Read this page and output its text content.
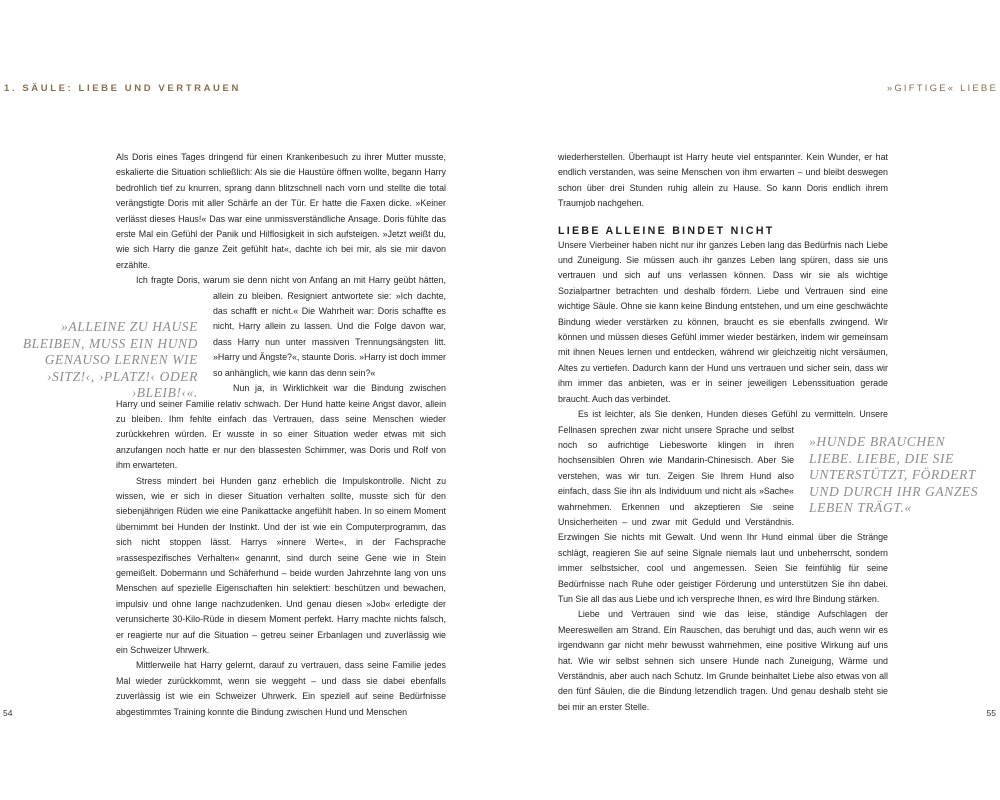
1. SÄULE: LIEBE UND VERTRAUEN	»GIFTIGE« LIEBE
»ALLEINE ZU HAUSE BLEIBEN, MUSS EIN HUND GENAUSO LERNEN WIE ›SITZ!‹, ›PLATZ!‹ ODER ›BLEIB!‹«.
»HUNDE BRAUCHEN LIEBE. LIEBE, DIE SIE UNTERSTÜTZT, FÖRDERT UND DURCH IHR GANZES LEBEN TRÄGT.«

Als Doris eines Tages dringend für einen Krankenbesuch zu ihrer Mutter musste, eskalierte die Situation schließlich: Als sie die Haustüre öffnen wollte, begann Harry bedrohlich tief zu knurren, sprang dann blitzschnell nach vorn und stellte die total verängstigte Doris mit aller Schärfe an der Tür. Er hatte die Faxen dicke. »Keiner verlässt dieses Haus!« Das war eine unmissverständliche Ansage. Doris fühlte das erste Mal ein Gefühl der Panik und Hilflosigkeit in sich aufsteigen. »Jetzt weißt du, wie sich Harry die ganze Zeit gefühlt hat«, dachte ich bei mir, als sie mir davon erzählte.

Ich fragte Doris, warum sie denn nicht von Anfang an mit Harry geübt hätten, allein zu bleiben. Resigniert antwortete sie: »Ich dachte, das schafft er nicht.« Die Wahrheit war: Doris schaffte es nicht, Harry allein zu lassen. Und die Folge davon war, dass Harry nun unter massiven Trennungsängsten litt. »Harry und Ängste?«, staunte Doris. »Harry ist doch immer so anhänglich, wie kann das denn sein?«

Nun ja, in Wirklichkeit war die Bindung zwischen Harry und seiner Familie relativ schwach. Der Hund hatte keine Angst davor, allein zu bleiben. Ihm fehlte einfach das Vertrauen, dass seine Menschen wieder zurückkehren würden. Er wusste in so einer Situation weder etwas mit sich anzufangen noch hatte er nur den blassesten Schimmer, was Doris und Rolf von ihm erwarteten.

Stress mindert bei Hunden ganz erheblich die Impulskontrolle. Nicht zu wissen, wie er sich in dieser Situation verhalten sollte, musste sich für den siebenjährigen Rüden wie eine Panikattacke angefühlt haben. In so einem Moment übernimmt bei Hunden der Instinkt. Und der ist wie ein Computerprogramm, das sich nicht stoppen lässt. Harrys »innere Werte«, in der Fachsprache »rassespezifisches Verhalten« genannt, sind durch seine Gene wie in Stein gemeißelt. Dobermann und Schäferhund – beide wurden Jahrzehnte lang von uns Menschen auf spezielle Eigenschaften hin selektiert: beschützen und bewachen, impulsiv und ohne lange nachzudenken. Und genau diesen »Job« erledigte der verunsicherte 30-Kilo-Rüde in diesem Moment perfekt. Harry machte nichts falsch, er reagierte nur auf die Situation – getreu seiner Erbanlagen und zuverlässig wie ein Schweizer Uhrwerk.

Mittlerweile hat Harry gelernt, darauf zu vertrauen, dass seine Familie jedes Mal wieder zurückkommt, wenn sie weggeht – und dass sie dabei ebenfalls zuverlässig ist wie ein Schweizer Uhrwerk. Ein speziell auf seine Bedürfnisse abgestimmtes Training konnte die Bindung zwischen Hund und Menschen

wiederherstellen. Überhaupt ist Harry heute viel entspannter. Kein Wunder, er hat endlich verstanden, was seine Menschen von ihm erwarten – und bleibt deswegen schon über drei Stunden ruhig allein zu Hause. So kann Doris endlich ihrem Traumjob nachgehen.

LIEBE ALLEINE BINDET NICHT

Unsere Vierbeiner haben nicht nur ihr ganzes Leben lang das Bedürfnis nach Liebe und Zuneigung. Sie müssen auch ihr ganzes Leben lang spüren, dass sie uns vertrauen und sich auf uns verlassen können. Dass wir sie als wichtige Sozialpartner betrachten und deshalb fördern. Liebe und Vertrauen sind eine wichtige Säule. Ohne sie kann keine Bindung entstehen, und um eine geschwächte Bindung wieder verstärken zu können, braucht es sie ebenfalls zwingend. Wir können und müssen dieses Gefühl immer wieder bestärken, indem wir gemeinsam mit ihnen Neues lernen und entdecken, während wir gleichzeitig nicht versäumen, Altes zu vertiefen. Dadurch kann der Hund uns vertrauen und sicher sein, dass wir ihm immer das anbieten, was er in seiner jeweiligen Lebenssituation gerade braucht. Auch das verbindet.

Es ist leichter, als Sie denken, Hunden dieses Gefühl zu vermitteln. Unsere Fellnasen sprechen zwar nicht unsere Sprache und selbst noch so aufrichtige Liebesworte klingen in ihren hochsensiblen Ohren wie Mandarin-Chinesisch. Aber Sie verstehen, was wir tun. Zeigen Sie Ihrem Hund also einfach, dass Sie ihn als Individuum und nicht als »Sache« wahrnehmen. Erkennen und akzeptieren Sie seine Unsicherheiten – und zwar mit Geduld und Verständnis. Erzwingen Sie nichts mit Gewalt. Und wenn Ihr Hund einmal über die Stränge schlägt, reagieren Sie auf seine Signale niemals laut und unbeherrscht, sondern immer selbstsicher, cool und angemessen. Seien Sie feinfühlig für seine Bedürfnisse nach Ruhe oder geistiger Förderung und unterstützen Sie ihn dabei. Tun Sie all das aus Liebe und ich verspreche Ihnen, es wird Ihre Bindung stärken.

Liebe und Vertrauen sind wie das leise, ständige Aufschlagen der Meereswellen am Strand. Ein Rauschen, das beruhigt und das, auch wenn wir es irgendwann gar nicht mehr bewusst wahrnehmen, eine positive Wirkung auf uns hat. Wie wir selbst sehnen sich unsere Hunde nach Zuneigung, Wärme und Verständnis, aber auch nach Schutz. Im Grunde beinhaltet Liebe also etwas von all den fünf Säulen, die die Bindung letzendlich tragen. Und genau deshalb steht sie bei mir an erster Stelle.

54	55
